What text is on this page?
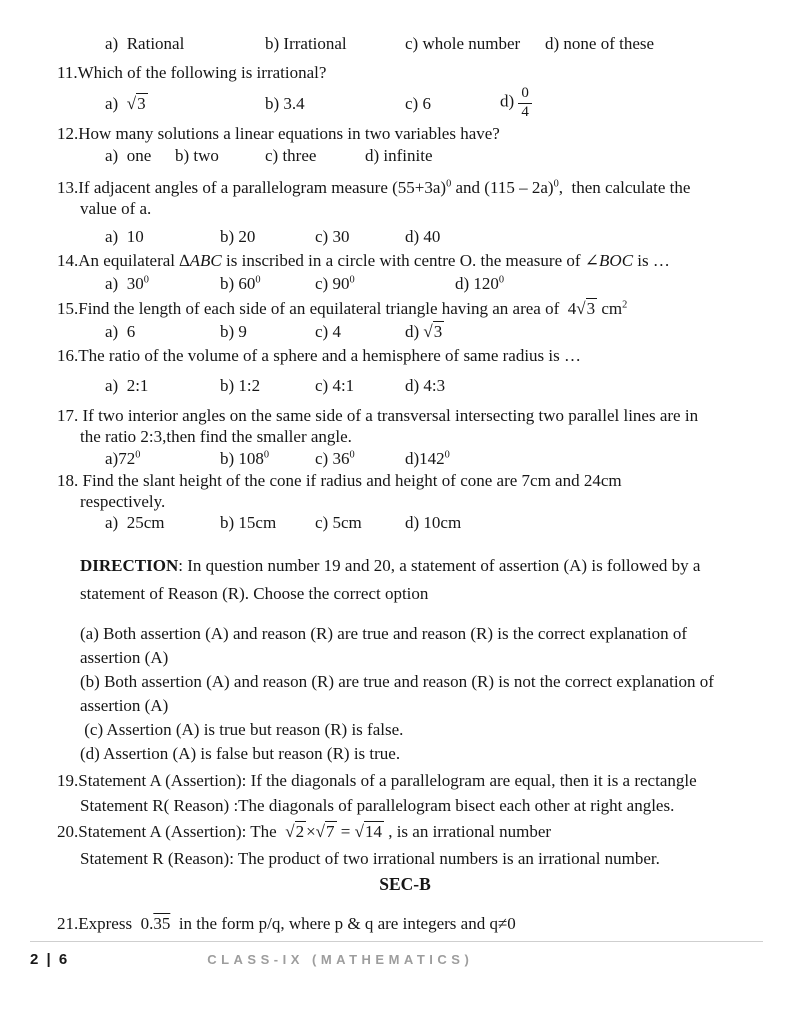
a)  Rational	b) Irrational	c) whole number	d) none of these
11.Which of the following is irrational?
a)  √3	b) 3.4	c) 6	$d) \frac{0}{4}$
12.How many solutions a linear equations in two variables have?
a)  one	b) two	c) three	d) infinite
13.If adjacent angles of a parallelogram measure $(55+3a)^0$ and (115 – 2a)$^0$,  then calculate the
value of a.
a)  10	b) 20	c) 30	d) 40
14.An equilateral ∆ABC is inscribed in a circle with centre O. the measure of ∠BOC is …
a)  $30^0$	b) $60^0$	c) $90^0$	d) $120^0$
15.Find the length of each side of an equilateral triangle having an area of  4√3 $cm^2$
a)  6	b) 9	c) 4	d) √3
16.The ratio of the volume of a sphere and a hemisphere of same radius is …
a)  2:1	b) 1:2	c) 4:1	d) 4:3
17. If two interior angles on the same side of a transversal intersecting two parallel lines are in
the ratio 2:3,then find the smaller angle.
$a)72^0$	b) $108^0$	c) $36^0$	$d)142^0$
18. Find the slant height of the cone if radius and height of cone are 7cm and 24cm
respectively.
a)  25cm	b) 15cm	c) 5cm	d) 10cm
DIRECTION: In question number 19 and 20, a statement of assertion (A) is followed by a statement of Reason (R). Choose the correct option
(a) Both assertion (A) and reason (R) are true and reason (R) is the correct explanation of assertion (A)
(b) Both assertion (A) and reason (R) are true and reason (R) is not the correct explanation of assertion (A)
(c) Assertion (A) is true but reason (R) is false.
(d) Assertion (A) is false but reason (R) is true.
19.Statement A (Assertion): If the diagonals of a parallelogram are equal, then it is a rectangle
Statement R( Reason) :The diagonals of parallelogram bisect each other at right angles.
20.Statement A (Assertion): The  √2 ×√7 = √14 , is an irrational number
Statement R (Reason): The product of two irrational numbers is an irrational number.
SEC-B
21.Express  0.35  in the form p/q, where p & q are integers and q≠0
2 | 6	CLASS-IX (MATHEMATICS)
